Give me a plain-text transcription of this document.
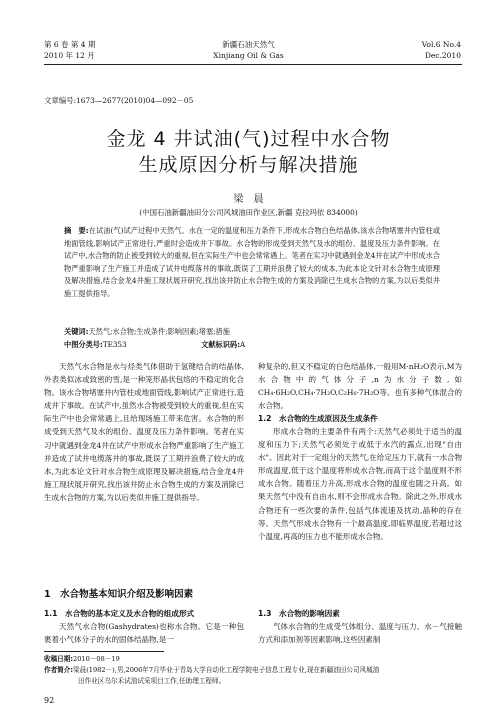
第 6 卷 第 4 期
2010 年 12 月
新疆石油天然气
Xinjiang Oil & Gas
Vol.6 No.4
Dec.2010
文章编号:1673—2677(2010)04—092－05
金龙 4 井试油(气)过程中水合物
生成原因分析与解决措施
梁　晨
(中国石油新疆油田分公司风城油田作业区,新疆 克拉玛依 834000)
摘　要:在试油(气)试产过程中天然气、水在一定的温度和压力条件下,形成水合物白色结晶体,该水合物堵塞井内管柱或地面管线,影响试产正常进行,严重时会造成井下事故。水合物的形成受到天然气及水的组份、温度及压力条件影响。在试产中,水合物的防止被受到较大的重视,但在实际生产中也会常常遇上。笔者在实习中就遇到金龙4井在试产中形成水合物严重影响了生产施工并造成了试井电缆落井的事故,既误了工期并浪费了较大的成本,为此本论文针对水合物生成原理及解决措施,结合金龙4井施工现状展开研究,找出该井防止水合物生成的方案及消除已生成水合物的方案,为以后类似井施工提供指导。
关键词:天然气;水合物;生成条件;影响因素;堵塞;措施
中图分类号:TE353	文献标识码:A

天然气水合物是水与烃类气体借助于氢键结合的结晶体,外表类似冰或致密的雪,是一种笼形晶状包络的不稳定的化合物。该水合物堵塞井内管柱或地面管线,影响试产正常进行,造成井下事故。在试产中,虽然水合物被受到较大的重视,但在实际生产中也会常常遇上,且给现场施工带来危害。水合物的形成受到天然气及水的组份、温度及压力条件影响。笔者在实习中就遇到金龙4井在试产中形成水合物严重影响了生产施工并造成了试井电缆落井的事故,既误了工期并浪费了较大的成本,为此本论文针对水合物生成原理及解决措施,结合金龙4井施工现状展开研究,找出该井防止水合物生成的方案及消除已生成水合物的方案,为以后类似井施工提供指导。

1　水合物基本知识介绍及影响因素
1.1　水合物的基本定义及水合物的组成形式

天然气水合物(Gashydrates)也称水合物。它是一种包裹着小气体分子的水的固体结晶物,是一

种复杂的,但又不稳定的白色结晶体,一般用M·nH₂O表示,M为水合物中的气体分子,n为水分子数,如CH₄·6H₂O,CH₄·7H₂O,C₂H₆·7H₂O等。也有多种气体混合的水合物。

1.2　水合物的生成原因及生成条件

形成水合物的主要条件有两个:天然气必须处于适当的温度和压力下;天然气必须处于或低于水汽的露点,出现"自由水"。因此对于一定组分的天然气,在给定压力下,就有一水合物形成温度,低于这个温度将形成水合物,而高于这个温度则不形成水合物。随着压力升高,形成水合物的温度也随之升高。如果天然气中没有自由水,则不会形成水合物。除此之外,形成水合物还有一些次要的条件,包括气体流速及扰动,晶种的存在等。天然气形成水合物有一个最高温度,即临界温度,若超过这个温度,再高的压力也不能形成水合物。

1.3　水合物的影响因素

气体水合物的生成受气体组分、温度与压力、水－气接触方式和添加剂等因素影响,这些因素制

收稿日期:2010－08－19
作者简介:梁晨(1982－),男,2006年7月毕业于青岛大学自动化工程学院电子信息工程专业,现在新疆油田公司风城油
田作业区乌尔禾试油试采项目工作,任助理工程师。
92
